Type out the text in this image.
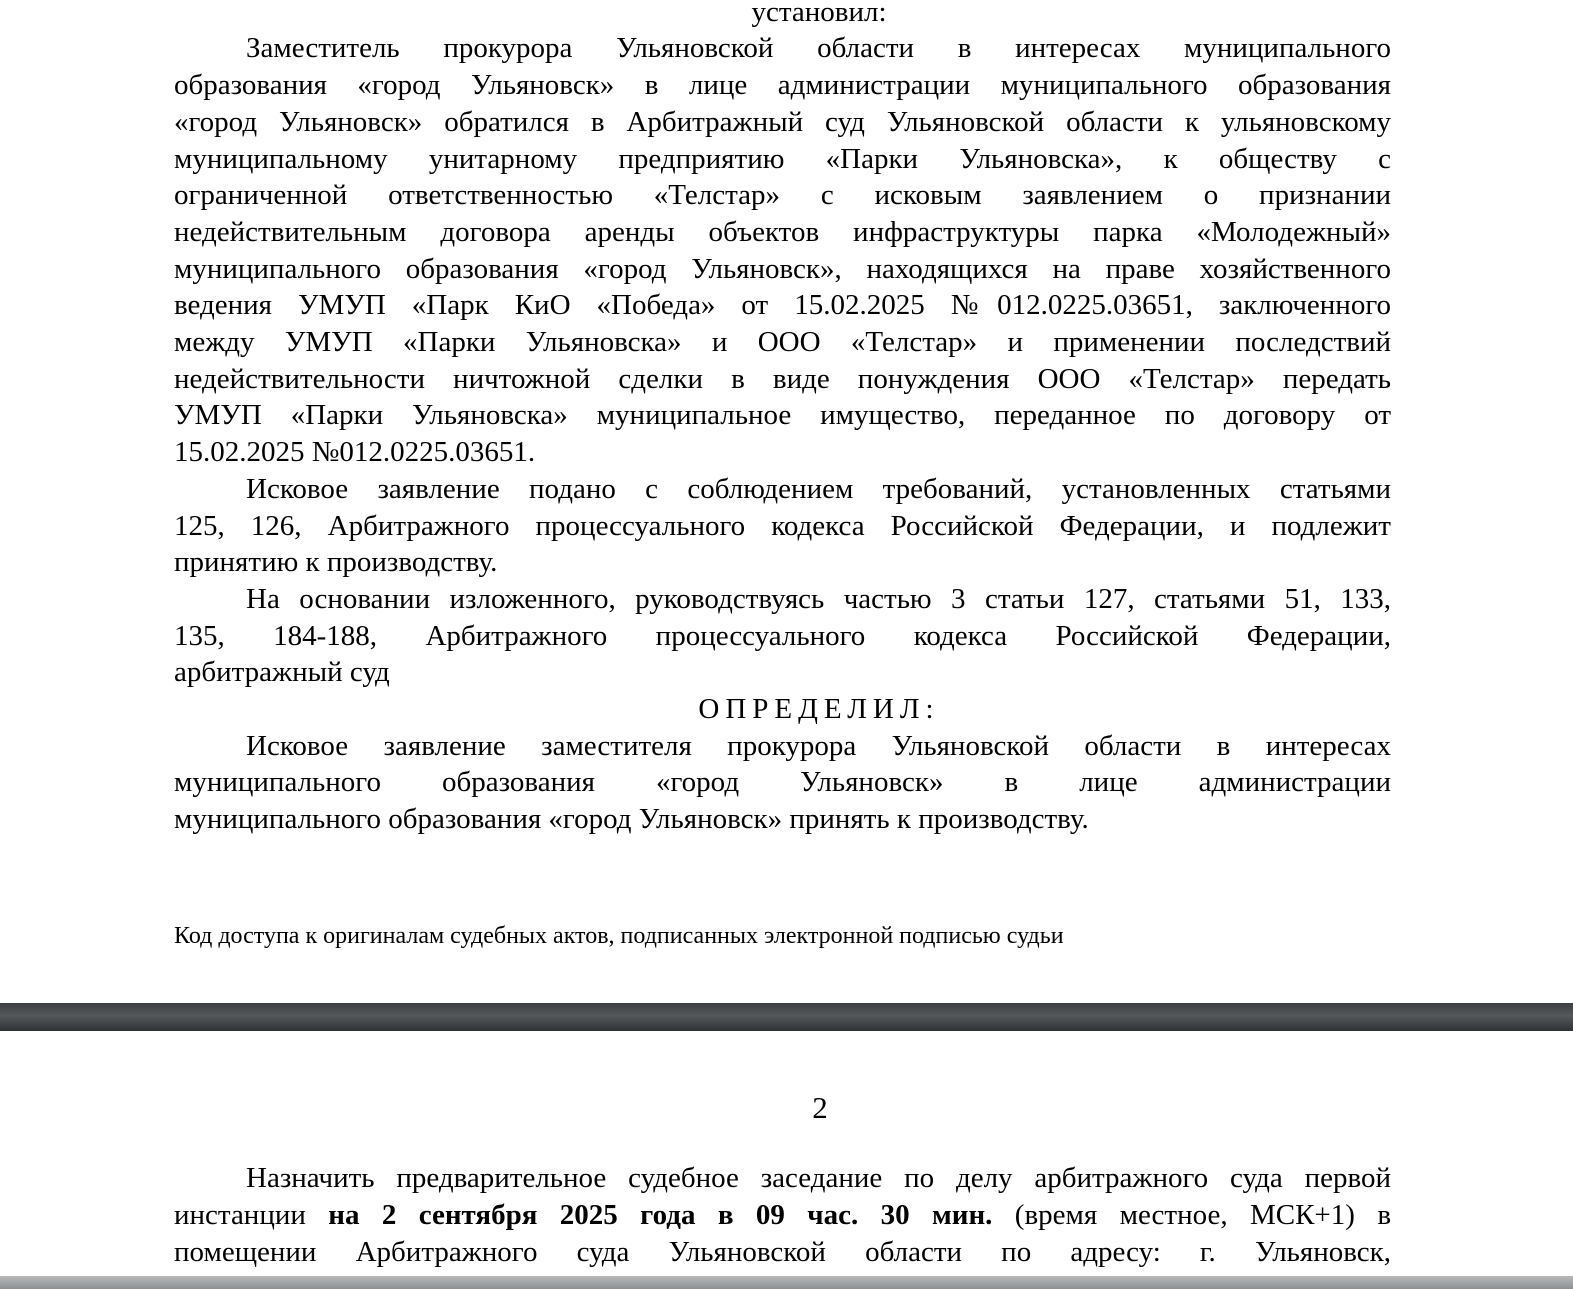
установил:
Заместитель прокурора Ульяновской области в интересах муниципального
образования «город Ульяновск» в лице администрации муниципального образования
«город Ульяновск» обратился в Арбитражный суд Ульяновской области к ульяновскому
муниципальному унитарному предприятию «Парки Ульяновска», к обществу с
ограниченной ответственностью «Телстар» с исковым заявлением о признании
недействительным договора аренды объектов инфраструктуры парка «Молодежный»
муниципального образования «город Ульяновск», находящихся на праве хозяйственного
ведения УМУП «Парк КиО «Победа» от 15.02.2025 №012.0225.03651, заключенного
между УМУП «Парки Ульяновска» и ООО «Телстар» и применении последствий
недействительности ничтожной сделки в виде понуждения ООО «Телстар» передать
УМУП «Парки Ульяновска» муниципальное имущество, переданное по договору от
15.02.2025 №012.0225.03651.
Исковое заявление подано с соблюдением требований, установленных статьями
125, 126, Арбитражного процессуального кодекса Российской Федерации, и подлежит
принятию к производству.
На основании изложенного, руководствуясь частью 3 статьи 127, статьями 51, 133,
135, 184-188, Арбитражного процессуального кодекса Российской Федерации,
арбитражный суд
ОПРЕДЕЛИЛ:
Исковое заявление заместителя прокурора Ульяновской области в интересах
муниципального образования «город Ульяновск» в лице администрации
муниципального образования «город Ульяновск» принять к производству.
Код доступа к оригиналам судебных актов, подписанных электронной подписью судьи
2
Назначить предварительное судебное заседание по делу арбитражного суда первой
инстанции на 2 сентября 2025 года в 09 час. 30 мин. (время местное, МСК+1) в
помещении Арбитражного суда Ульяновской области по адресу: г. Ульяновск,
